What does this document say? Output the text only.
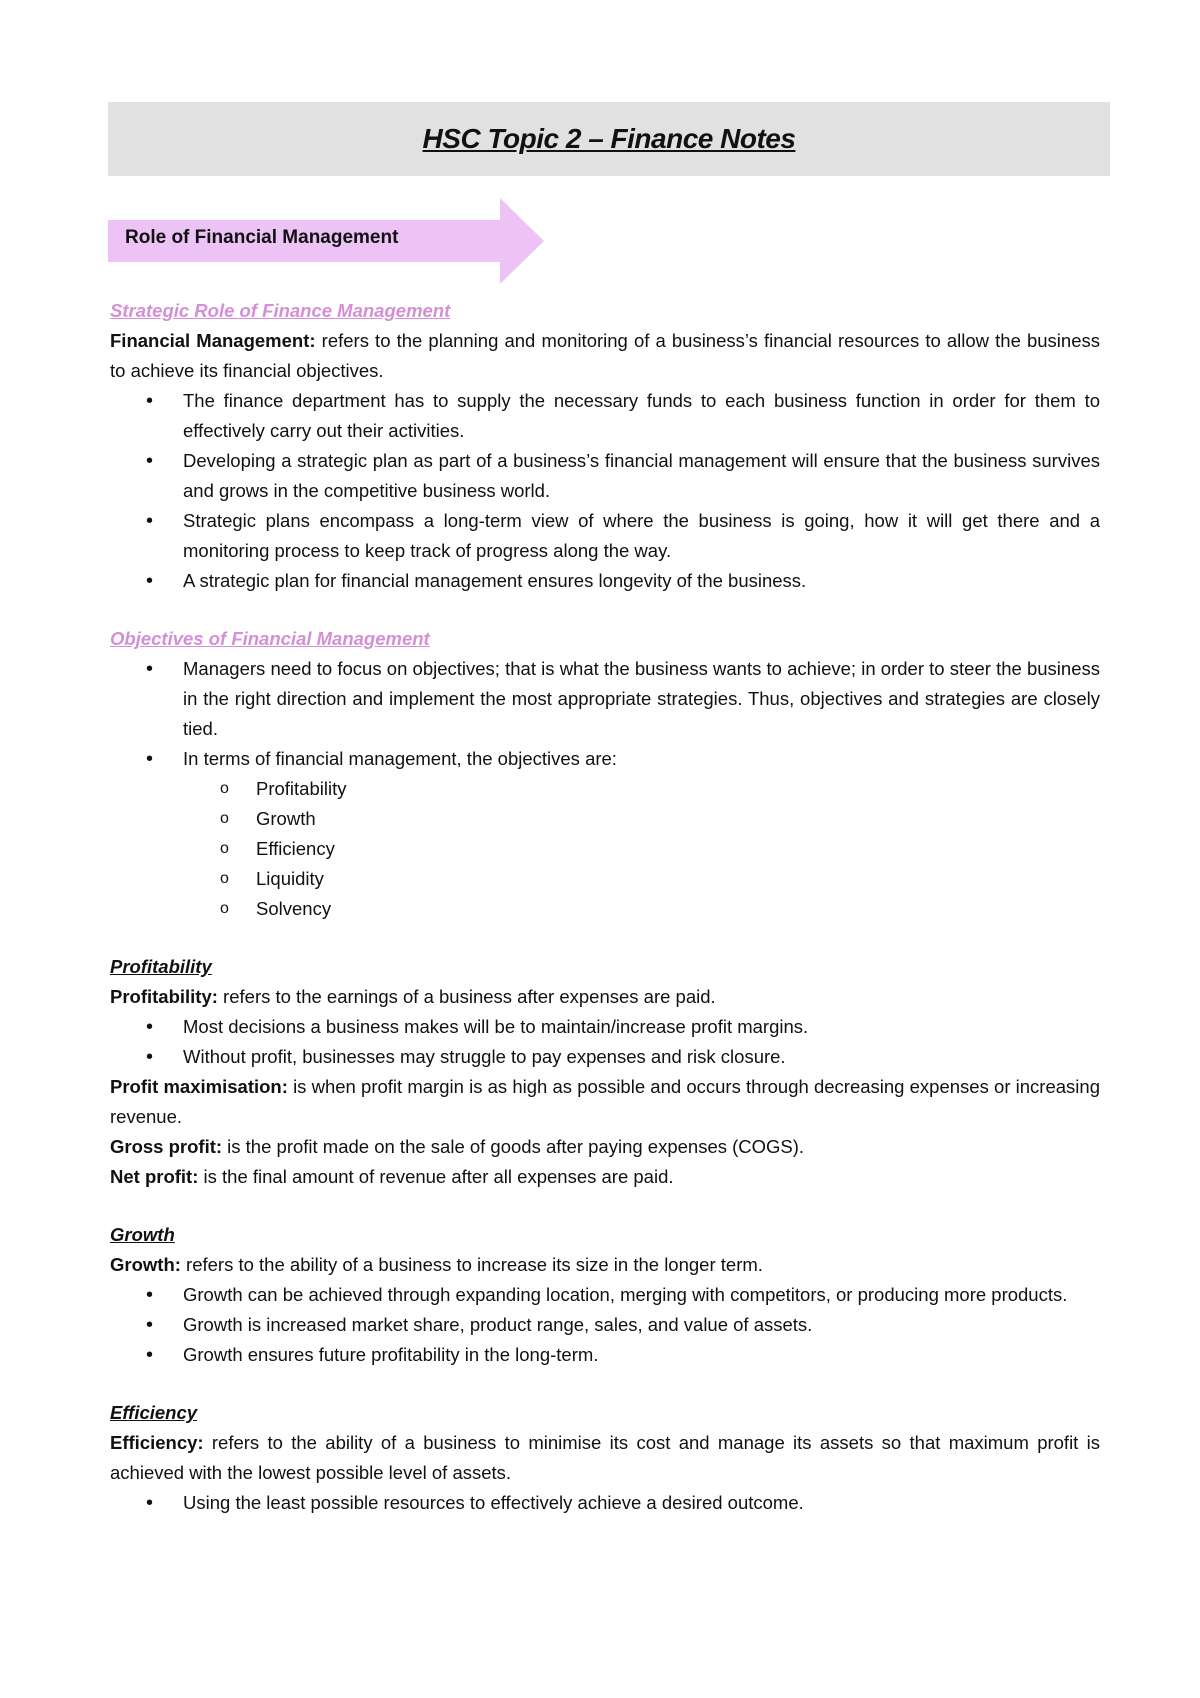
HSC Topic 2 – Finance Notes
Role of Financial Management
Strategic Role of Finance Management

Financial Management: refers to the planning and monitoring of a business’s financial resources to allow the business to achieve its financial objectives.

• The finance department has to supply the necessary funds to each business function in order for them to effectively carry out their activities.
• Developing a strategic plan as part of a business’s financial management will ensure that the business survives and grows in the competitive business world.
• Strategic plans encompass a long-term view of where the business is going, how it will get there and a monitoring process to keep track of progress along the way.
• A strategic plan for financial management ensures longevity of the business.
Objectives of Financial Management
• Managers need to focus on objectives; that is what the business wants to achieve; in order to steer the business in the right direction and implement the most appropriate strategies. Thus, objectives and strategies are closely tied.
• In terms of financial management, the objectives are:
o Profitability
o Growth
o Efficiency
o Liquidity
o Solvency
Profitability

Profitability: refers to the earnings of a business after expenses are paid.

• Most decisions a business makes will be to maintain/increase profit margins.
• Without profit, businesses may struggle to pay expenses and risk closure.

Profit maximisation: is when profit margin is as high as possible and occurs through decreasing expenses or increasing revenue.

Gross profit: is the profit made on the sale of goods after paying expenses (COGS).

Net profit: is the final amount of revenue after all expenses are paid.

Growth

Growth: refers to the ability of a business to increase its size in the longer term.

• Growth can be achieved through expanding location, merging with competitors, or producing more products.
• Growth is increased market share, product range, sales, and value of assets.
• Growth ensures future profitability in the long-term.
Efficiency

Efficiency: refers to the ability of a business to minimise its cost and manage its assets so that maximum profit is achieved with the lowest possible level of assets.

• Using the least possible resources to effectively achieve a desired outcome.
